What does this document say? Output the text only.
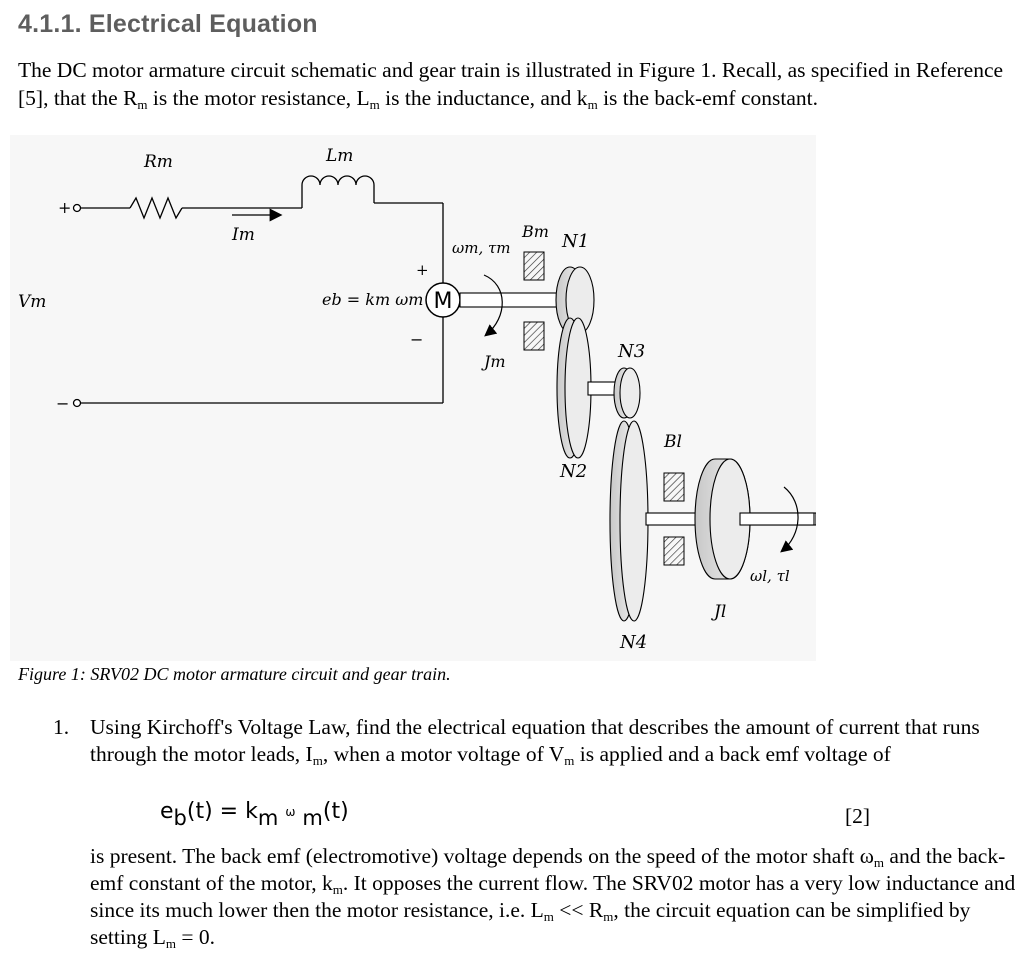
4.1.1. Electrical Equation

The DC motor armature circuit schematic and gear train is illustrated in Figure 1. Recall, as specified in Reference [5], that the $R_m$ is the motor resistance, $L_m$ is the inductance, and $k_m$ is the back-emf constant.

M
+
−
Rm	Lm
Im
Vm
+
−
eb = km ωm
ωm, τm
Jm
Bm N1
N2
N3
N4
Bl
Jl
ωl, τl

Figure 1: SRV02 DC motor armature circuit and gear train.

1. Using Kirchoff's Voltage Law, find the electrical equation that describes the amount of current that runs through the motor leads, $I_m$, when a motor voltage of $V_m$ is applied and a back emf voltage of
eb(t) = km ω m(t)	[2]
is present. The back emf (electromotive) voltage depends on the speed of the motor shaft $\omega_m$ and the back-emf constant of the motor, $k_m$. It opposes the current flow. The SRV02 motor has a very low inductance and since its much lower then the motor resistance, i.e. $L_m << R_m$, the circuit equation can be simplified by setting $L_m = 0$.
